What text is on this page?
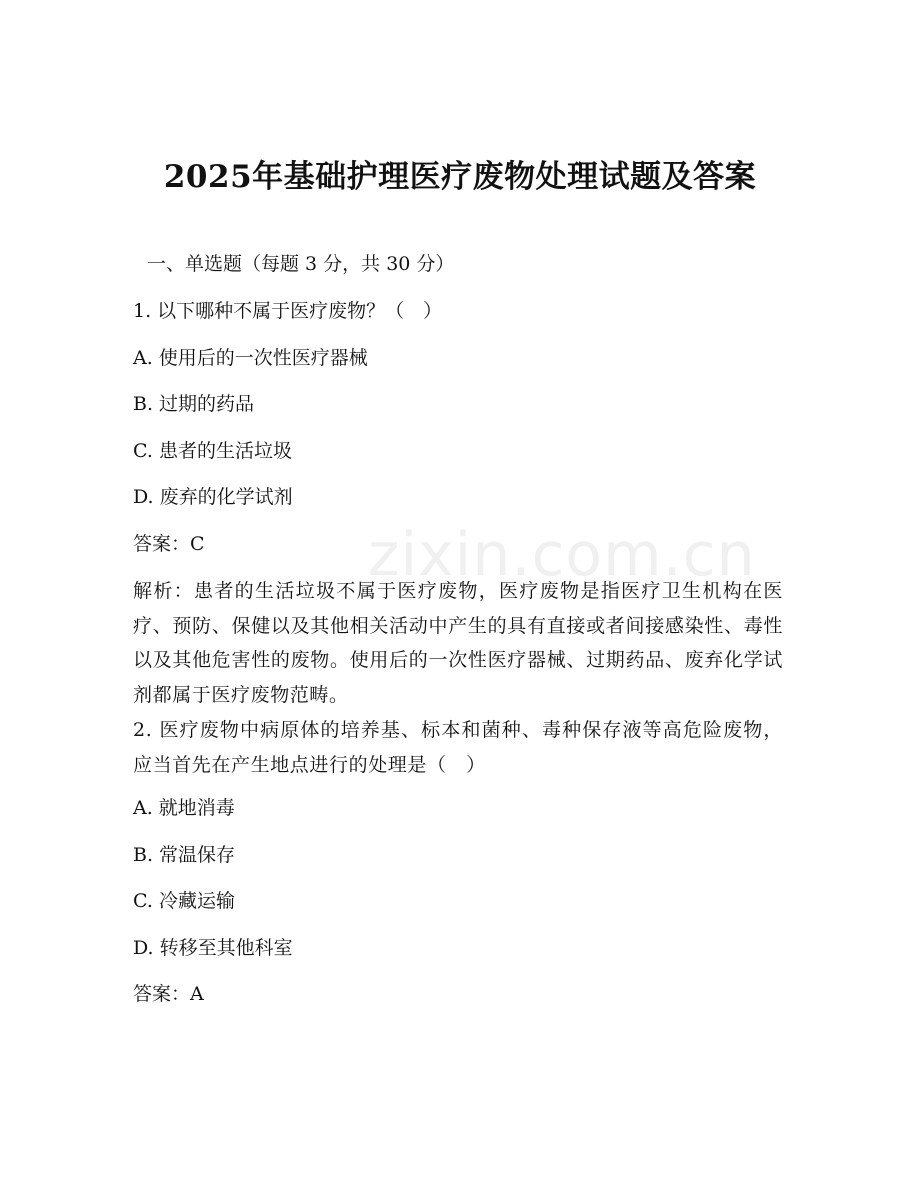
zixin.com.cn
2025年基础护理医疗废物处理试题及答案
一、单选题（每题 3 分，共 30 分）
1. 以下哪种不属于医疗废物？（　）
A. 使用后的一次性医疗器械
B. 过期的药品
C. 患者的生活垃圾
D. 废弃的化学试剂
答案：C
解析：患者的生活垃圾不属于医疗废物，医疗废物是指医疗卫生机构在医疗、预防、保健以及其他相关活动中产生的具有直接或者间接感染性、毒性以及其他危害性的废物。使用后的一次性医疗器械、过期药品、废弃化学试剂都属于医疗废物范畴。
2. 医疗废物中病原体的培养基、标本和菌种、毒种保存液等高危险废物，应当首先在产生地点进行的处理是（　）
A. 就地消毒
B. 常温保存
C. 冷藏运输
D. 转移至其他科室
答案：A
